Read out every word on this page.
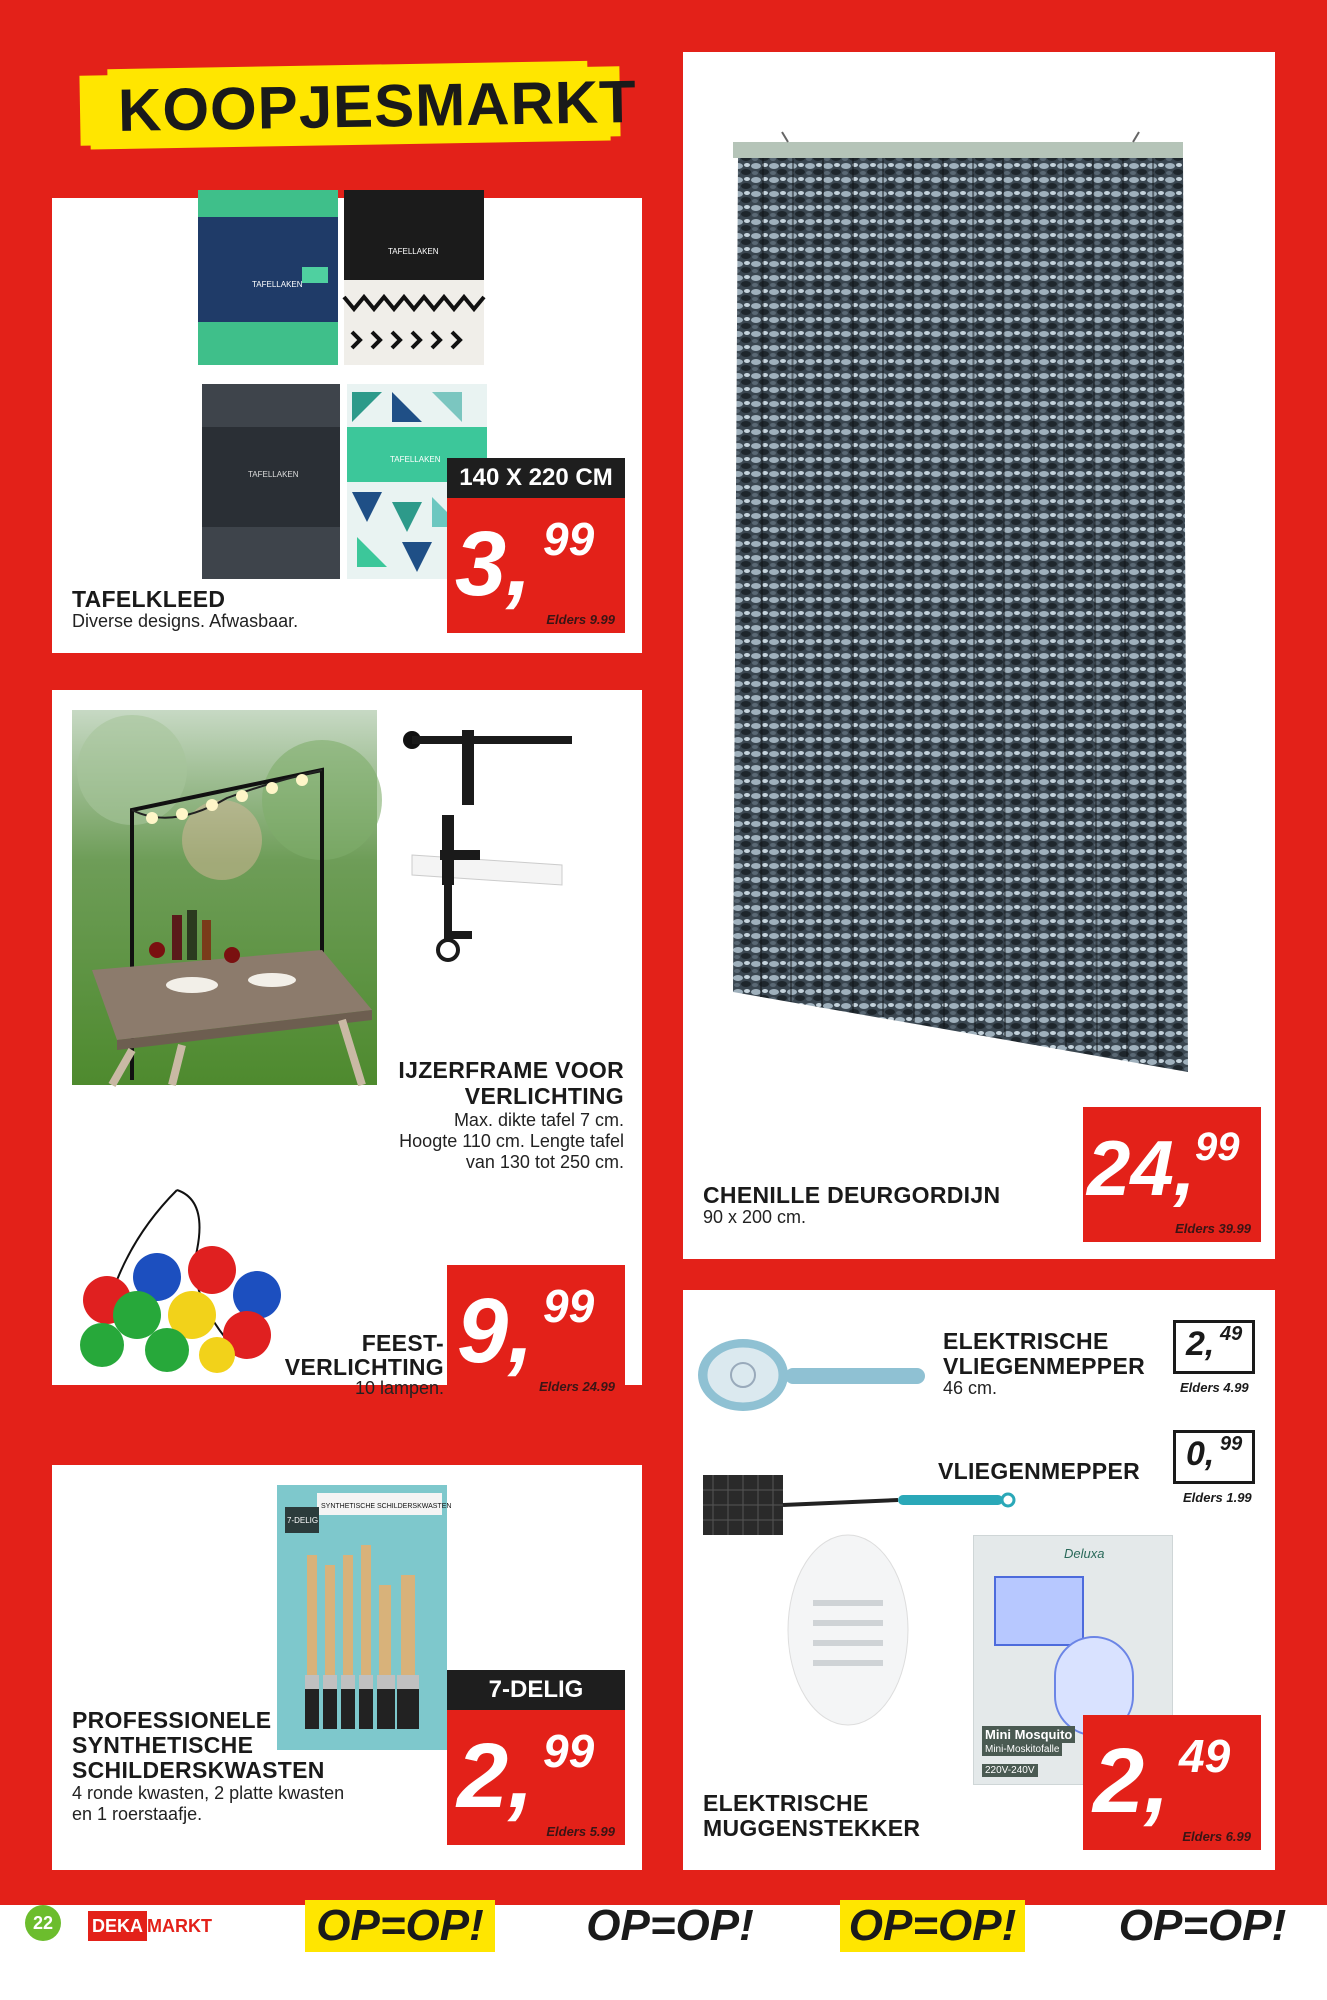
KOOPJESMARKT
TAFELLAKEN
TAFELLAKEN
TAFELLAKEN
TAFELLAKEN
TAFELKLEED
Diverse designs. Afwasbaar.
140 X 220 CM
3, 99
Elders 9.99
IJZERFRAME VOOR
VERLICHTING
Max. dikte tafel 7 cm.
Hoogte 110 cm. Lengte tafel
van 130 tot 250 cm.
FEEST-
VERLICHTING
10 lampen.
9, 99
Elders 24.99
SYNTHETISCHE SCHILDERSKWASTEN
7-DELIG
PROFESSIONELE
SYNTHETISCHE
SCHILDERSKWASTEN
4 ronde kwasten, 2 platte kwasten
en 1 roerstaafje.
7-DELIG
2, 99
Elders 5.99
CHENILLE DEURGORDIJN
90 x 200 cm.
24, 99
Elders 39.99
ELEKTRISCHE
VLIEGENMEPPER
46 cm.
2, 49
Elders 4.99
VLIEGENMEPPER 0, 99
Elders 1.99
Deluxa
Mini Mosquito
Mini-Moskitofalle
220V-240V
ELEKTRISCHE
MUGGENSTEKKER 2, 49
Elders 6.99
22	DEKA MARKT OP=OP! OP=OP! OP=OP! OP=OP!
